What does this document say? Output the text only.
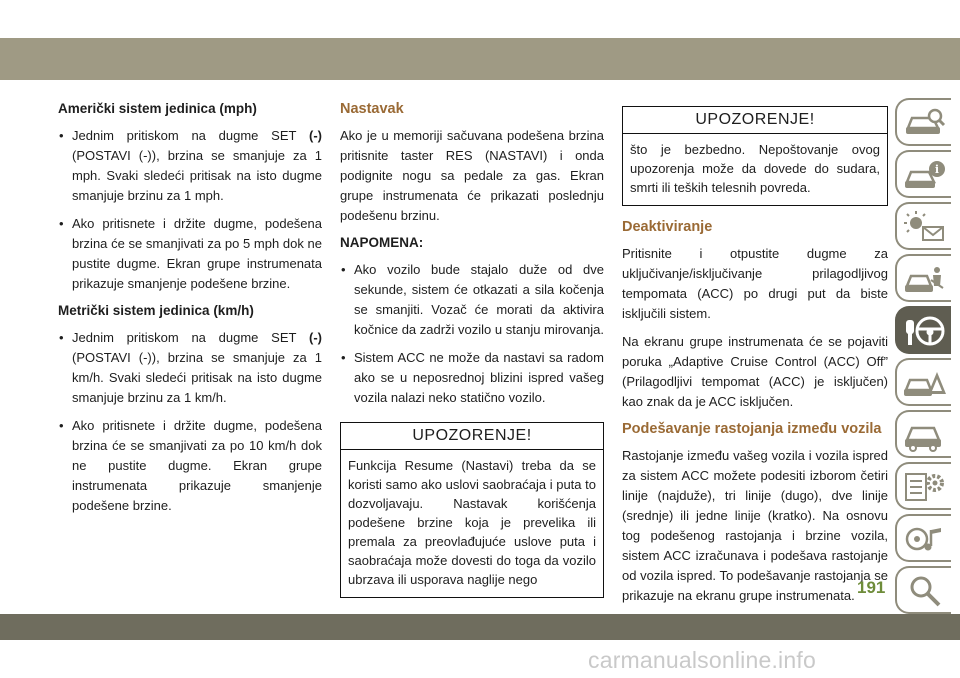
Američki sistem jedinica (mph)
• Jednim pritiskom na dugme SET (-) (POSTAVI (-)), brzina se smanjuje za 1 mph. Svaki sledeći pritisak na isto dugme smanjuje brzinu za 1 mph.
• Ako pritisnete i držite dugme, podešena brzina će se smanjivati za po 5 mph dok ne pustite dugme. Ekran grupe instrumenata prikazuje smanjenje podešene brzine.
Metrički sistem jedinica (km/h)
• Jednim pritiskom na dugme SET (-) (POSTAVI (-)), brzina se smanjuje za 1 km/h. Svaki sledeći pritisak na isto dugme smanjuje brzinu za 1 km/h.
• Ako pritisnete i držite dugme, podešena brzina će se smanjivati za po 10 km/h dok ne pustite dugme. Ekran grupe instrumenata prikazuje smanjenje podešene brzine.
Nastavak

Ako je u memoriji sačuvana podešena brzina pritisnite taster RES (NASTAVI) i onda podignite nogu sa pedale za gas. Ekran grupe instrumenata će prikazati poslednju podešenu brzinu.

NAPOMENA:
• Ako vozilo bude stajalo duže od dve sekunde, sistem će otkazati a sila kočenja se smanjiti. Vozač će morati da aktivira kočnice da zadrži vozilo u stanju mirovanja.
• Sistem ACC ne može da nastavi sa radom ako se u neposrednoj blizini ispred vašeg vozila nalazi neko statično vozilo.
UPOZORENJE!
Funkcija Resume (Nastavi) treba da se koristi samo ako uslovi saobraćaja i puta to dozvoljavaju. Nastavak korišćenja podešene brzine koja je prevelika ili premala za preovlađujuće uslove puta i saobraćaja može dovesti do toga da vozilo ubrzava ili usporava naglije nego
UPOZORENJE!
što je bezbedno. Nepoštovanje ovog upozorenja može da dovede do sudara, smrti ili teških telesnih povreda.
Deaktiviranje

Pritisnite i otpustite dugme za uključivanje/isključivanje prilagodljivog tempomata (ACC) po drugi put da biste isključili sistem.

Na ekranu grupe instrumenata će se pojaviti poruka „Adaptive Cruise Control (ACC) Off” (Prilagodljivi tempomat (ACC) je isključen) kao znak da je ACC isključen.

Podešavanje rastojanja između vozila

Rastojanje između vašeg vozila i vozila ispred za sistem ACC možete podesiti izborom četiri linije (najduže), tri linije (dugo), dve linije (srednje) ili jedne linije (kratko). Na osnovu tog podešenog rastojanja i brzine vozila, sistem ACC izračunava i podešava rastojanje od vozila ispred. To podešavanje rastojanja se prikazuje na ekranu grupe instrumenata.

i
191
carmanualsonline.info
